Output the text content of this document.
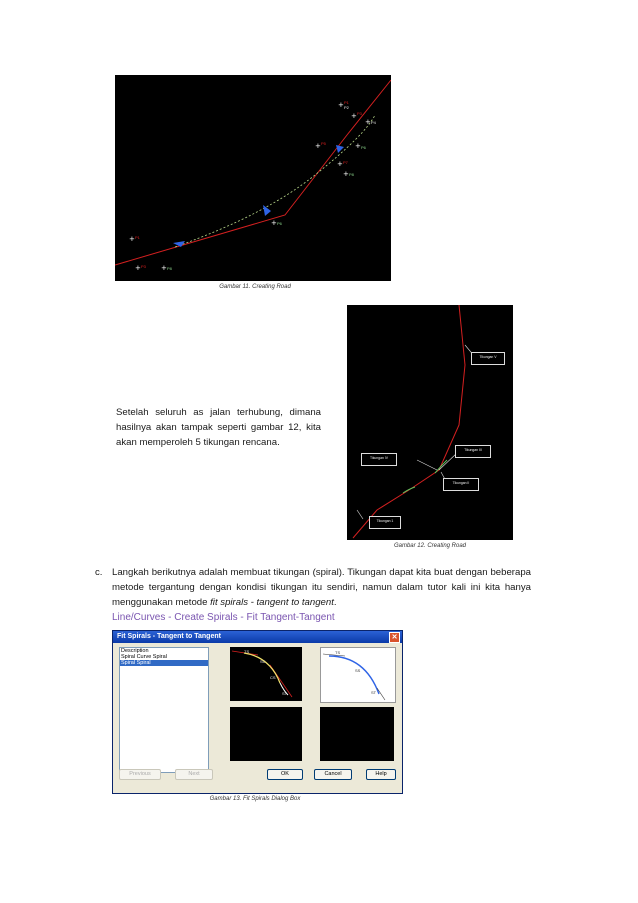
+ P1
P2
+ P3
+ P4
+ P5	+ P6
+ P7
+ P8
+ P6
+ P1
+ P3 + P8
Gambar 11. Creating Road
Tikungan V
Tikungan IV
Tikungan III
Tikungan II
Tikungan 1
Gambar 12. Creating Road
Setelah seluruh as jalan terhubung, dimana hasilnya akan tampak seperti gambar 12, kita akan memperoleh 5 tikungan rencana.
c. Langkah berikutnya adalah membuat tikungan (spiral). Tikungan dapat kita buat dengan beberapa metode tergantung dengan kondisi tikungan itu sendiri, namun dalam tutor kali ini kita hanya menggunakan metode fit spirals - tangent to tangent.
Line/Curves - Create Spirals - Fit Tangent-Tangent
Fit Spirals - Tangent to Tangent	✕
Description
Spiral Curve Spiral
Spiral Spiral
TS
SC
CS
ST
TS
SS
ST
Previous	Next	OK	Cancel	Help
Gambar 13. Fit Spirals Dialog Box
